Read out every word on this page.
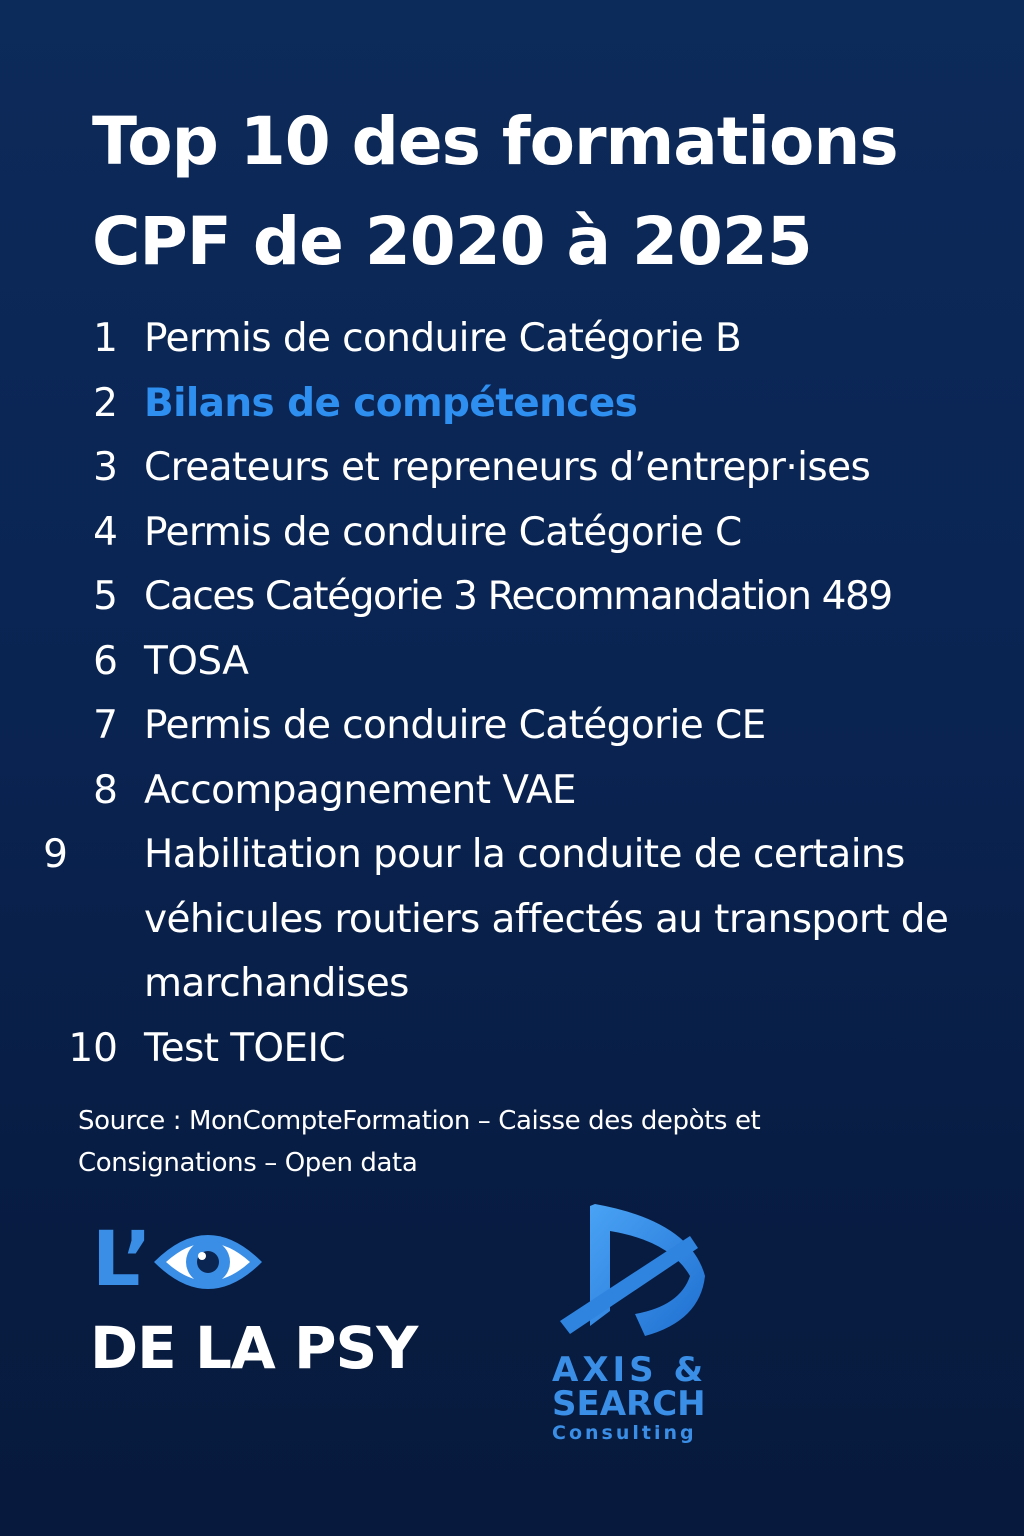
Top 10 des formations
CPF de 2020 à 2025
1 Permis de conduire Catégorie B
2 Bilans de compétences
3 Createurs et repreneurs d’entrepr·ises
4 Permis de conduire Catégorie C
5 Caces Catégorie 3 Recommandation 489
6 TOSA
7 Permis de conduire Catégorie CE
8 Accompagnement VAE
9 Habilitation pour la conduite de certains véhicules routiers affectés au transport de marchandises
10 Test TOEIC
Source : MonCompteFormation – Caisse des depòts et
Consignations – Open data
L’
DE LA PSY	AXIS &
SEARCH
Consulting
